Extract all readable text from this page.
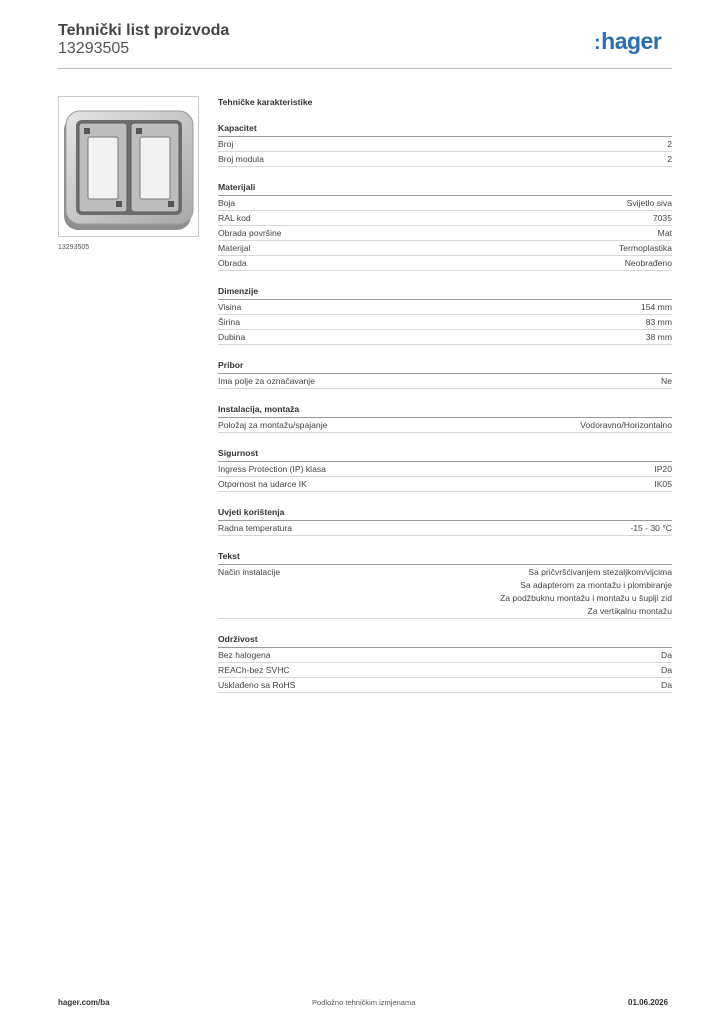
Tehnički list proizvoda
13293505	:hager
13293505
Tehničke karakteristike
Kapacitet
Broj	2
Broj modula	2
Materijali
Boja	Svijetlo siva
RAL kod	7035
Obrada površine	Mat
Materijal	Termoplastika
Obrada	Neobrađeno
Dimenzije
Visina	154 mm
Širina	83 mm
Dubina	38 mm
Pribor
Ima polje za označavanje	Ne
Instalacija, montaža
Položaj za montažu/spajanje	Vodoravno/Horizontalno
Sigurnost
Ingress Protection (IP) klasa	IP20
Otpornost na udarce IK	IK05
Uvjeti korištenja
Radna temperatura	-15 - 30 °C
Tekst
Način instalacije	Sa pričvršćivanjem stezaljkom/vijcima
Sa adapterom za montažu i plombiranje
Za podžbuknu montažu i montažu u šuplji zid
Za vertikalnu montažu
Održivost
Bez halogena	Da
REACh-bez SVHC	Da
Usklađeno sa RoHS	Da
hager.com/ba	Podložno tehničkim izmjenama	01.06.2026
